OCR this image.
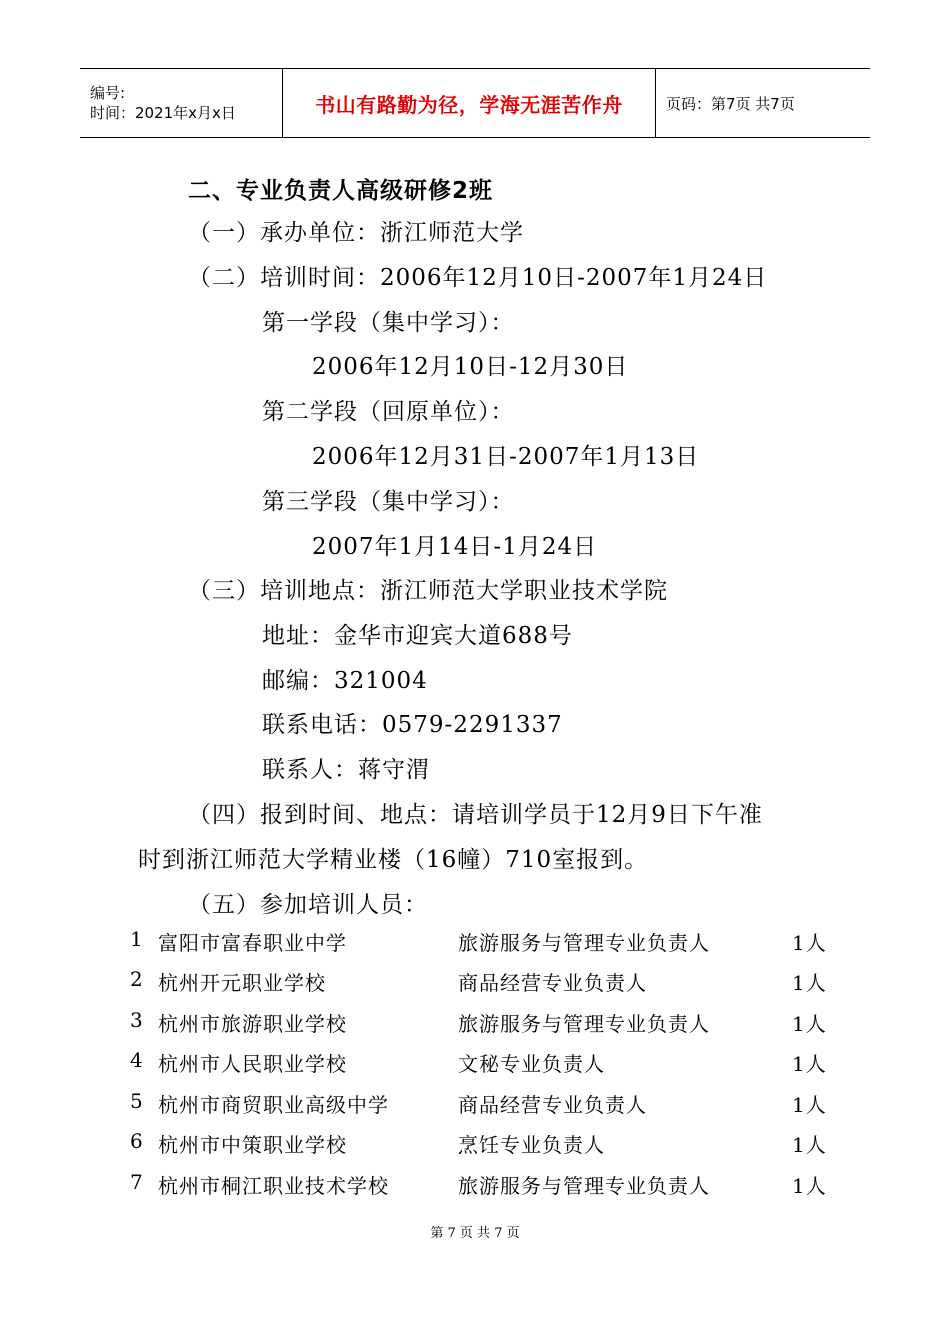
编号:
时间：2021年x月x日	书山有路勤为径，学海无涯苦作舟	页码：第7页 共7页
二、专业负责人高级研修2班
（一）承办单位：浙江师范大学
（二）培训时间：2006年12月10日-2007年1月24日
第一学段（集中学习）：
2006年12月10日-12月30日
第二学段（回原单位）：
2006年12月31日-2007年1月13日
第三学段（集中学习）：
2007年1月14日-1月24日
（三）培训地点：浙江师范大学职业技术学院
地址：金华市迎宾大道688号
邮编：321004
联系电话：0579-2291337
联系人：蒋守渭
（四）报到时间、地点：请培训学员于12月9日下午准
时到浙江师范大学精业楼（16幢）710室报到。
（五）参加培训人员：
1 富阳市富春职业中学	旅游服务与管理专业负责人	1人
2 杭州开元职业学校	商品经营专业负责人	1人
3 杭州市旅游职业学校	旅游服务与管理专业负责人	1人
4 杭州市人民职业学校	文秘专业负责人	1人
5 杭州市商贸职业高级中学	商品经营专业负责人	1人
6 杭州市中策职业学校	烹饪专业负责人	1人
7 杭州市桐江职业技术学校	旅游服务与管理专业负责人	1人
第 7 页 共 7 页
